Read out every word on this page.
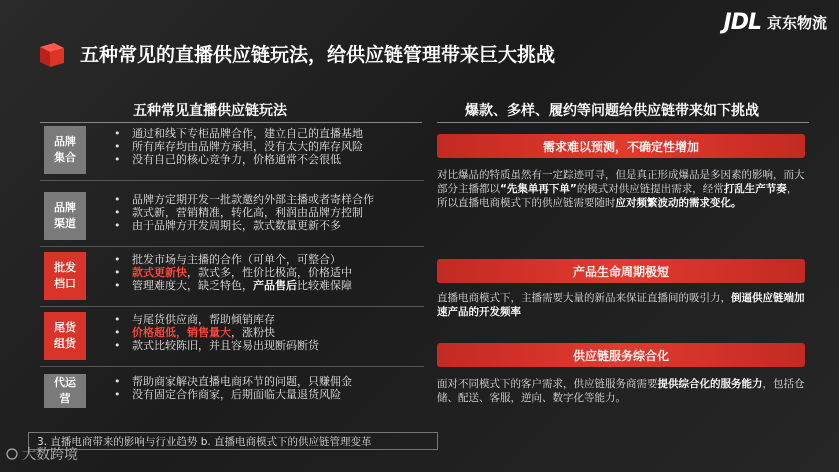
五种常见的直播供应链玩法，给供应链管理带来巨大挑战
JDL 京东物流
五种常见直播供应链玩法
品牌集合
• 通过和线下专柜品牌合作，建立自己的直播基地
• 所有库存均由品牌方承担，没有太大的库存风险
• 没有自己的核心竞争力，价格通常不会很低
品牌渠道
• 品牌方定期开发一批款邀约外部主播或者寄样合作
• 款式新，营销精准，转化高，利润由品牌方控制
• 由于品牌方开发周期长，款式数量更新不多
批发档口
• 批发市场与主播的合作（可单个，可整合）
• 款式更新快，款式多，性价比极高，价格适中
• 管理难度大，缺乏特色，产品售后比较难保障
尾货组货
• 与尾货供应商，帮助倾销库存
• 价格超低，销售量大，涨粉快
• 款式比较陈旧，并且容易出现断码断货
代运营
• 帮助商家解决直播电商环节的问题，只赚佣金
• 没有固定合作商家，后期面临大量退货风险
爆款、多样、履约等问题给供应链带来如下挑战
需求难以预测，不确定性增加
对比爆品的特质虽然有一定踪迹可寻，但是真正形成爆品是多因素的影响，而大部分主播都以“先集单再下单”的模式对供应链提出需求，经常打乱生产节奏，所以直播电商模式下的供应链需要随时应对频繁波动的需求变化。
产品生命周期极短
直播电商模式下，主播需要大量的新品来保证直播间的吸引力，倒逼供应链端加速产品的开发频率
供应链服务综合化
面对不同模式下的客户需求，供应链服务商需要提供综合化的服务能力，包括仓储、配送、客服，逆向、数字化等能力。
3. 直播电商带来的影响与行业趋势 b. 直播电商模式下的供应链管理变革
大数跨境
